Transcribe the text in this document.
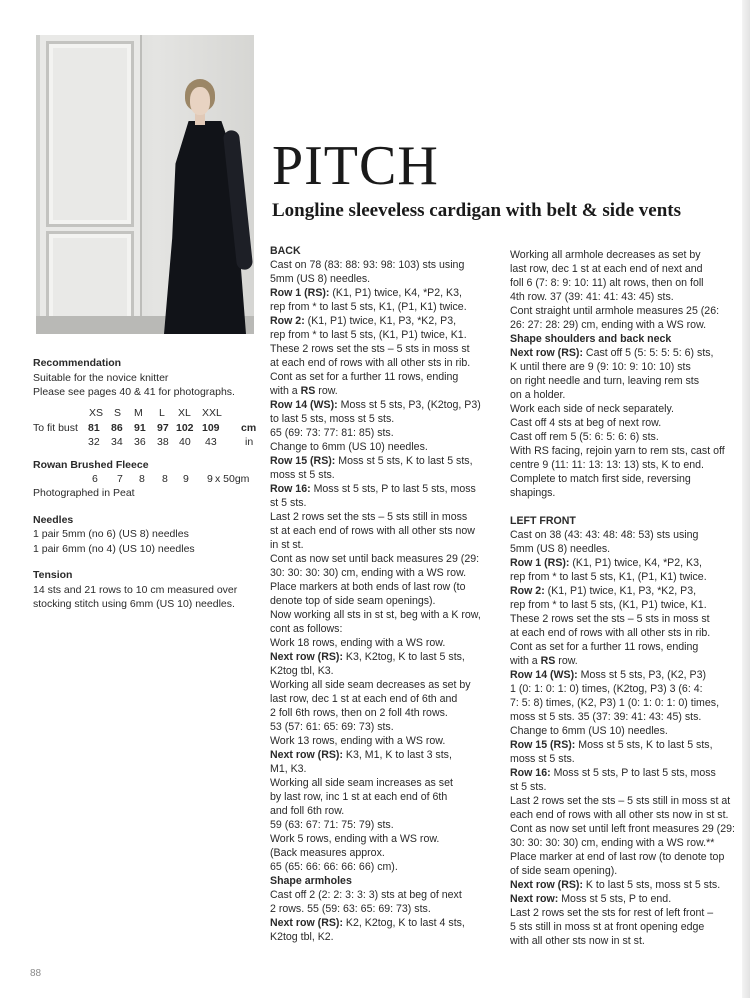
PITCH
Longline sleeveless cardigan with belt & side vents
Recommendation

Suitable for the novice knitter

Please see pages 40 & 41 for photographs.

XS S M L XL XXL
To fit bust 81 86 91 97 102 109 cm
32 34 36 38 40 43	in
Rowan Brushed Fleece
6 7 8 8 9 9 x 50gm

Photographed in Peat

Needles

1 pair 5mm (no 6) (US 8) needles

1 pair 6mm (no 4) (US 10) needles

Tension

14 sts and 21 rows to 10 cm measured over

stocking stitch using 6mm (US 10) needles.

BACK

Cast on 78 (83: 88: 93: 98: 103) sts using

5mm (US 8) needles.

Row 1 (RS): (K1, P1) twice, K4, *P2, K3,

rep from * to last 5 sts, K1, (P1, K1) twice.

Row 2: (K1, P1) twice, K1, P3, *K2, P3,

rep from * to last 5 sts, (K1, P1) twice, K1.

These 2 rows set the sts – 5 sts in moss st

at each end of rows with all other sts in rib.

Cont as set for a further 11 rows, ending

with a RS row.

Row 14 (WS): Moss st 5 sts, P3, (K2tog, P3)

to last 5 sts, moss st 5 sts.

65 (69: 73: 77: 81: 85) sts.

Change to 6mm (US 10) needles.

Row 15 (RS): Moss st 5 sts, K to last 5 sts,

moss st 5 sts.

Row 16: Moss st 5 sts, P to last 5 sts, moss

st 5 sts.

Last 2 rows set the sts – 5 sts still in moss

st at each end of rows with all other sts now

in st st.

Cont as now set until back measures 29 (29:

30: 30: 30: 30) cm, ending with a WS row.

Place markers at both ends of last row (to

denote top of side seam openings).

Now working all sts in st st, beg with a K row,

cont as follows:

Work 18 rows, ending with a WS row.

Next row (RS): K3, K2tog, K to last 5 sts,

K2tog tbl, K3.

Working all side seam decreases as set by

last row, dec 1 st at each end of 6th and

2 foll 6th rows, then on 2 foll 4th rows.

53 (57: 61: 65: 69: 73) sts.

Work 13 rows, ending with a WS row.

Next row (RS): K3, M1, K to last 3 sts,

M1, K3.

Working all side seam increases as set

by last row, inc 1 st at each end of 6th

and foll 6th row.

59 (63: 67: 71: 75: 79) sts.

Work 5 rows, ending with a WS row.

(Back measures approx.

65 (65: 66: 66: 66: 66) cm).

Shape armholes

Cast off 2 (2: 2: 3: 3: 3) sts at beg of next

2 rows. 55 (59: 63: 65: 69: 73) sts.

Next row (RS): K2, K2tog, K to last 4 sts,

K2tog tbl, K2.

Working all armhole decreases as set by

last row, dec 1 st at each end of next and

foll 6 (7: 8: 9: 10: 11) alt rows, then on foll

4th row. 37 (39: 41: 41: 43: 45) sts.

Cont straight until armhole measures 25 (26:

26: 27: 28: 29) cm, ending with a WS row.

Shape shoulders and back neck

Next row (RS): Cast off 5 (5: 5: 5: 5: 6) sts,

K until there are 9 (9: 10: 9: 10: 10) sts

on right needle and turn, leaving rem sts

on a holder.

Work each side of neck separately.

Cast off 4 sts at beg of next row.

Cast off rem 5 (5: 6: 5: 6: 6) sts.

With RS facing, rejoin yarn to rem sts, cast off

centre 9 (11: 11: 13: 13: 13) sts, K to end.

Complete to match first side, reversing

shapings.

LEFT FRONT

Cast on 38 (43: 43: 48: 48: 53) sts using

5mm (US 8) needles.

Row 1 (RS): (K1, P1) twice, K4, *P2, K3,

rep from * to last 5 sts, K1, (P1, K1) twice.

Row 2: (K1, P1) twice, K1, P3, *K2, P3,

rep from * to last 5 sts, (K1, P1) twice, K1.

These 2 rows set the sts – 5 sts in moss st

at each end of rows with all other sts in rib.

Cont as set for a further 11 rows, ending

with a RS row.

Row 14 (WS): Moss st 5 sts, P3, (K2, P3)

1 (0: 1: 0: 1: 0) times, (K2tog, P3) 3 (6: 4:

7: 5: 8) times, (K2, P3) 1 (0: 1: 0: 1: 0) times,

moss st 5 sts. 35 (37: 39: 41: 43: 45) sts.

Change to 6mm (US 10) needles.

Row 15 (RS): Moss st 5 sts, K to last 5 sts,

moss st 5 sts.

Row 16: Moss st 5 sts, P to last 5 sts, moss

st 5 sts.

Last 2 rows set the sts – 5 sts still in moss st at

each end of rows with all other sts now in st st.

Cont as now set until left front measures 29 (29:

30: 30: 30: 30) cm, ending with a WS row.**

Place marker at end of last row (to denote top

of side seam opening).

Next row (RS): K to last 5 sts, moss st 5 sts.

Next row: Moss st 5 sts, P to end.

Last 2 rows set the sts for rest of left front –

5 sts still in moss st at front opening edge

with all other sts now in st st.

88
